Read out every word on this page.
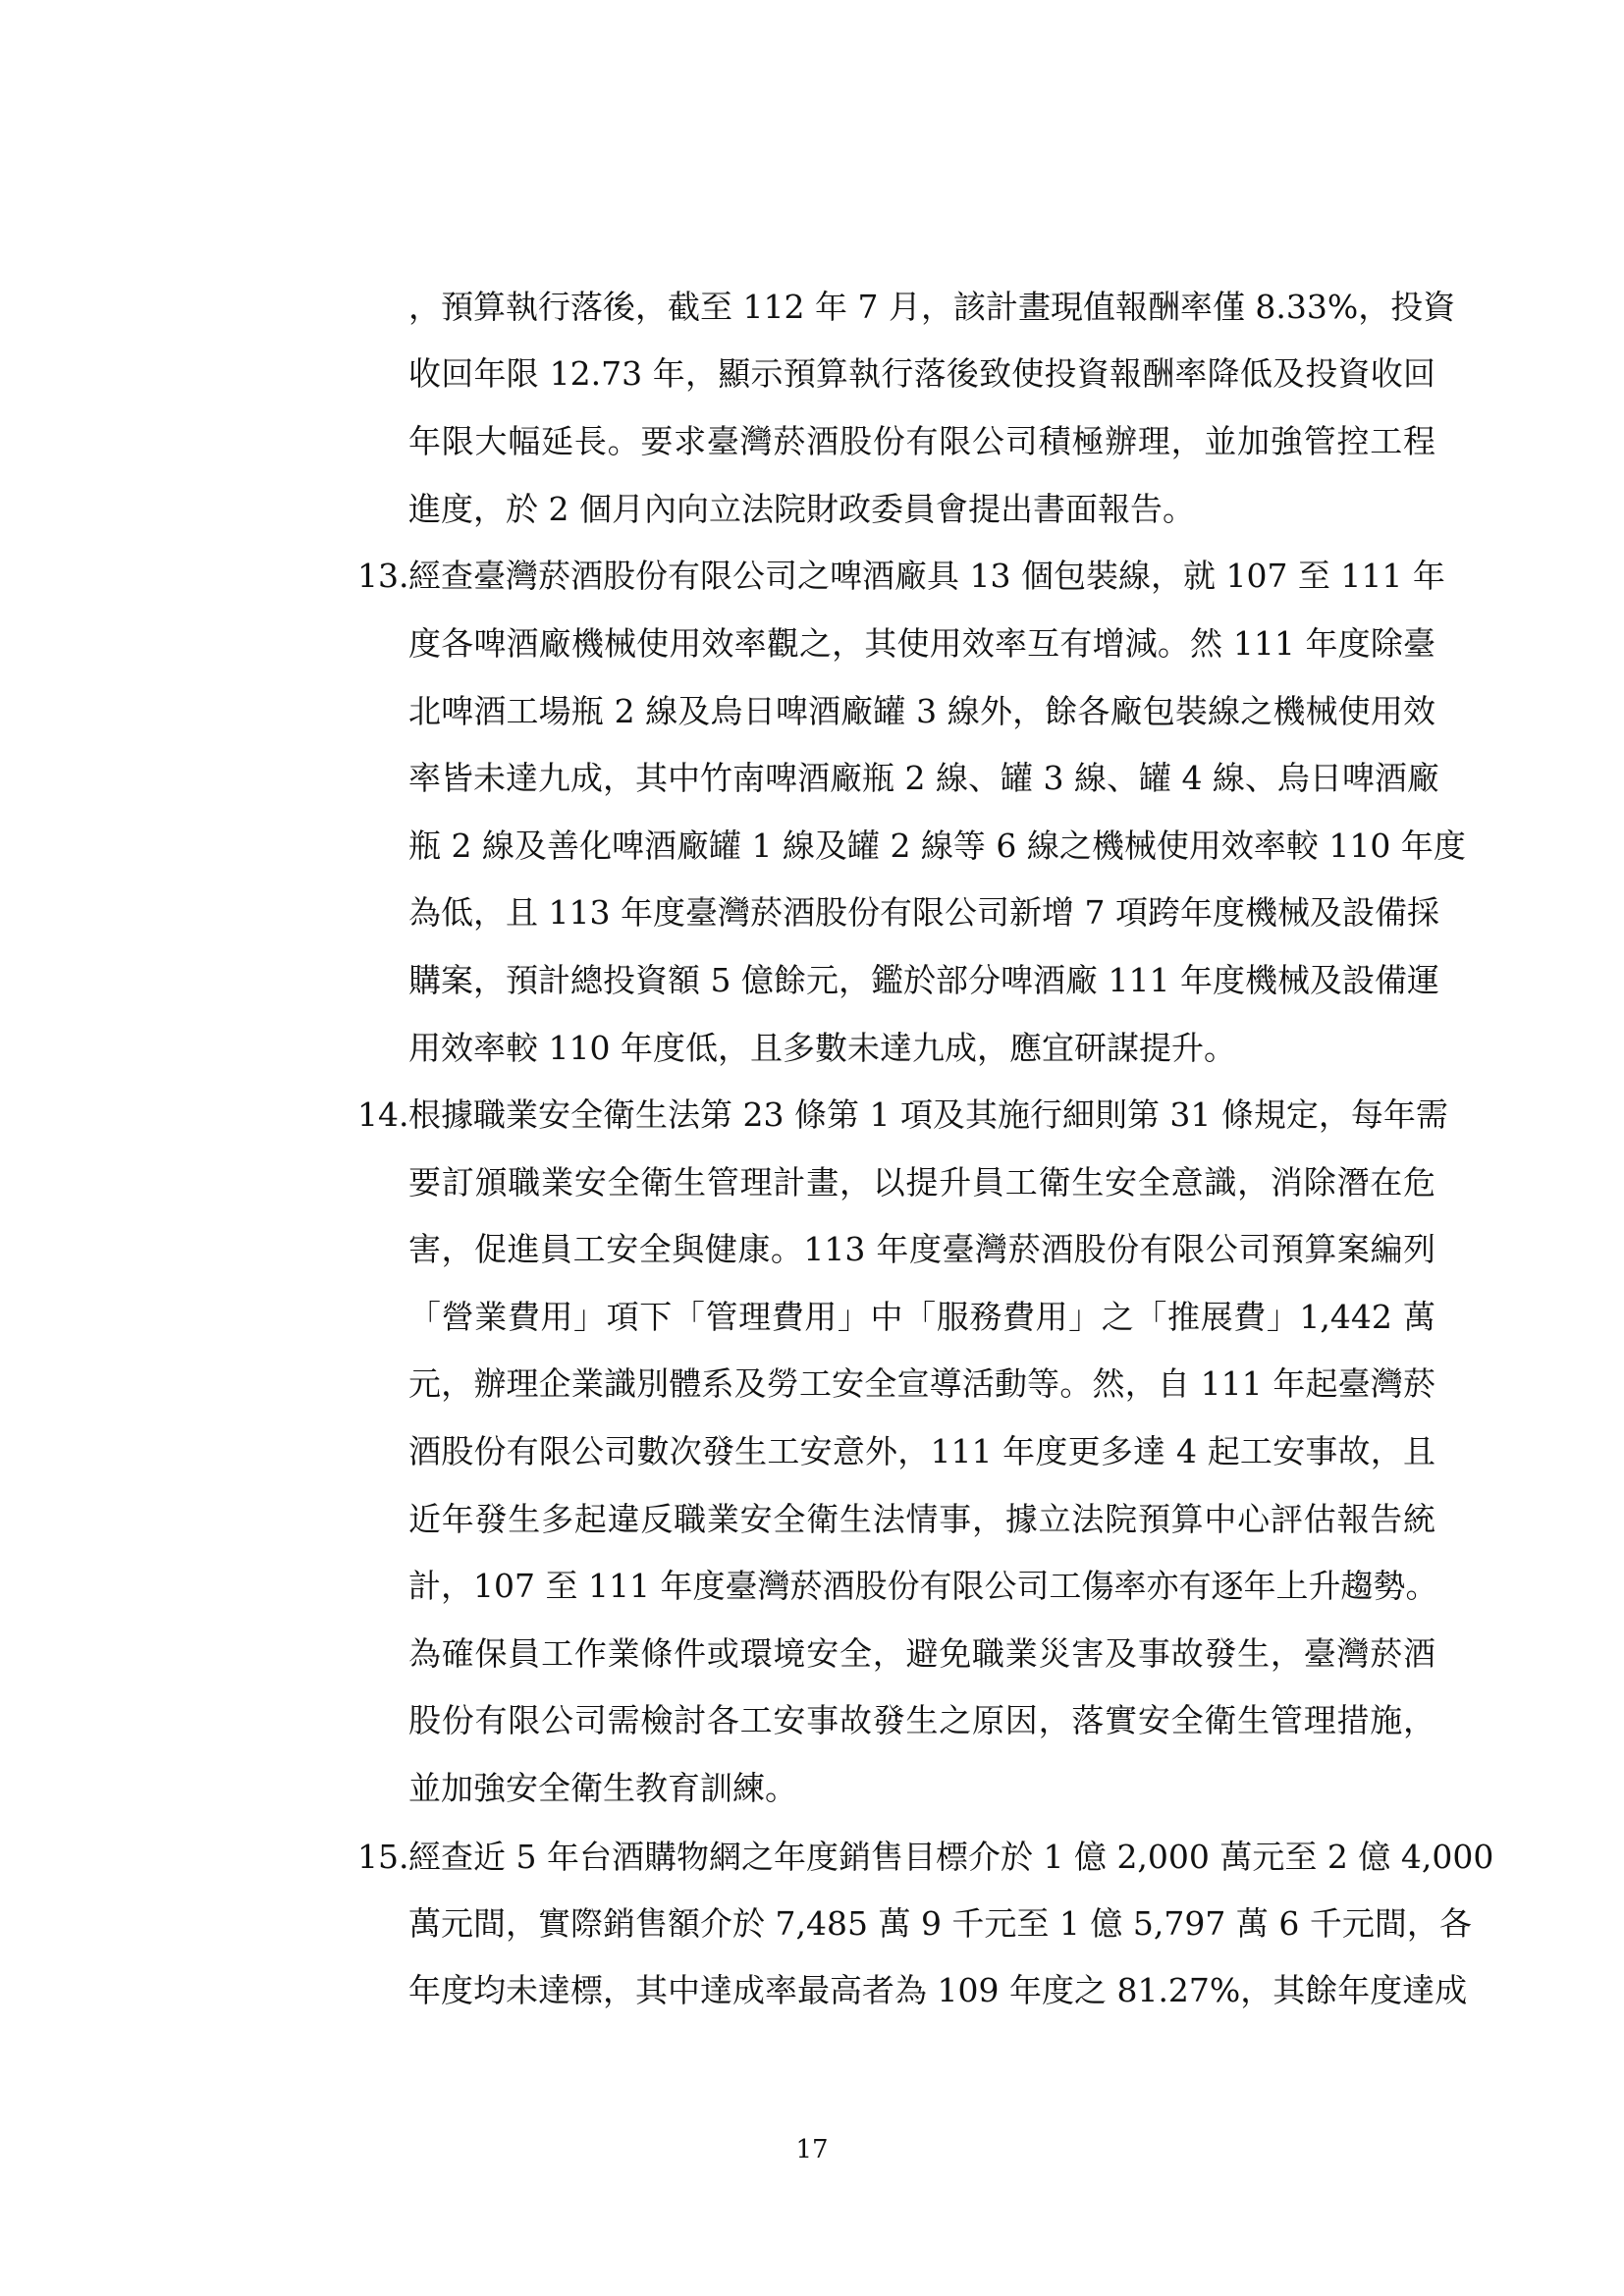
，預算執行落後，截至 112 年 7 月，該計畫現值報酬率僅 8.33%，投資
收回年限 12.73 年，顯示預算執行落後致使投資報酬率降低及投資收回
年限大幅延長。要求臺灣菸酒股份有限公司積極辦理，並加強管控工程
進度，於 2 個月內向立法院財政委員會提出書面報告。
13. 經查臺灣菸酒股份有限公司之啤酒廠具 13 個包裝線，就 107 至 111 年
度各啤酒廠機械使用效率觀之，其使用效率互有增減。然 111 年度除臺
北啤酒工場瓶 2 線及烏日啤酒廠罐 3 線外，餘各廠包裝線之機械使用效
率皆未達九成，其中竹南啤酒廠瓶 2 線、罐 3 線、罐 4 線、烏日啤酒廠
瓶 2 線及善化啤酒廠罐 1 線及罐 2 線等 6 線之機械使用效率較 110 年度
為低，且 113 年度臺灣菸酒股份有限公司新增 7 項跨年度機械及設備採
購案，預計總投資額 5 億餘元，鑑於部分啤酒廠 111 年度機械及設備運
用效率較 110 年度低，且多數未達九成，應宜研謀提升。
14. 根據職業安全衛生法第 23 條第 1 項及其施行細則第 31 條規定，每年需
要訂頒職業安全衛生管理計畫，以提升員工衛生安全意識，消除潛在危
害，促進員工安全與健康。113 年度臺灣菸酒股份有限公司預算案編列
「營業費用」項下「管理費用」中「服務費用」之「推展費」1,442 萬
元，辦理企業識別體系及勞工安全宣導活動等。然，自 111 年起臺灣菸
酒股份有限公司數次發生工安意外，111 年度更多達 4 起工安事故，且
近年發生多起違反職業安全衛生法情事，據立法院預算中心評估報告統
計，107 至 111 年度臺灣菸酒股份有限公司工傷率亦有逐年上升趨勢。
為確保員工作業條件或環境安全，避免職業災害及事故發生，臺灣菸酒
股份有限公司需檢討各工安事故發生之原因，落實安全衛生管理措施，
並加強安全衛生教育訓練。
15. 經查近 5 年台酒購物網之年度銷售目標介於 1 億 2,000 萬元至 2 億 4,000
萬元間，實際銷售額介於 7,485 萬 9 千元至 1 億 5,797 萬 6 千元間，各
年度均未達標，其中達成率最高者為 109 年度之 81.27%，其餘年度達成
17
